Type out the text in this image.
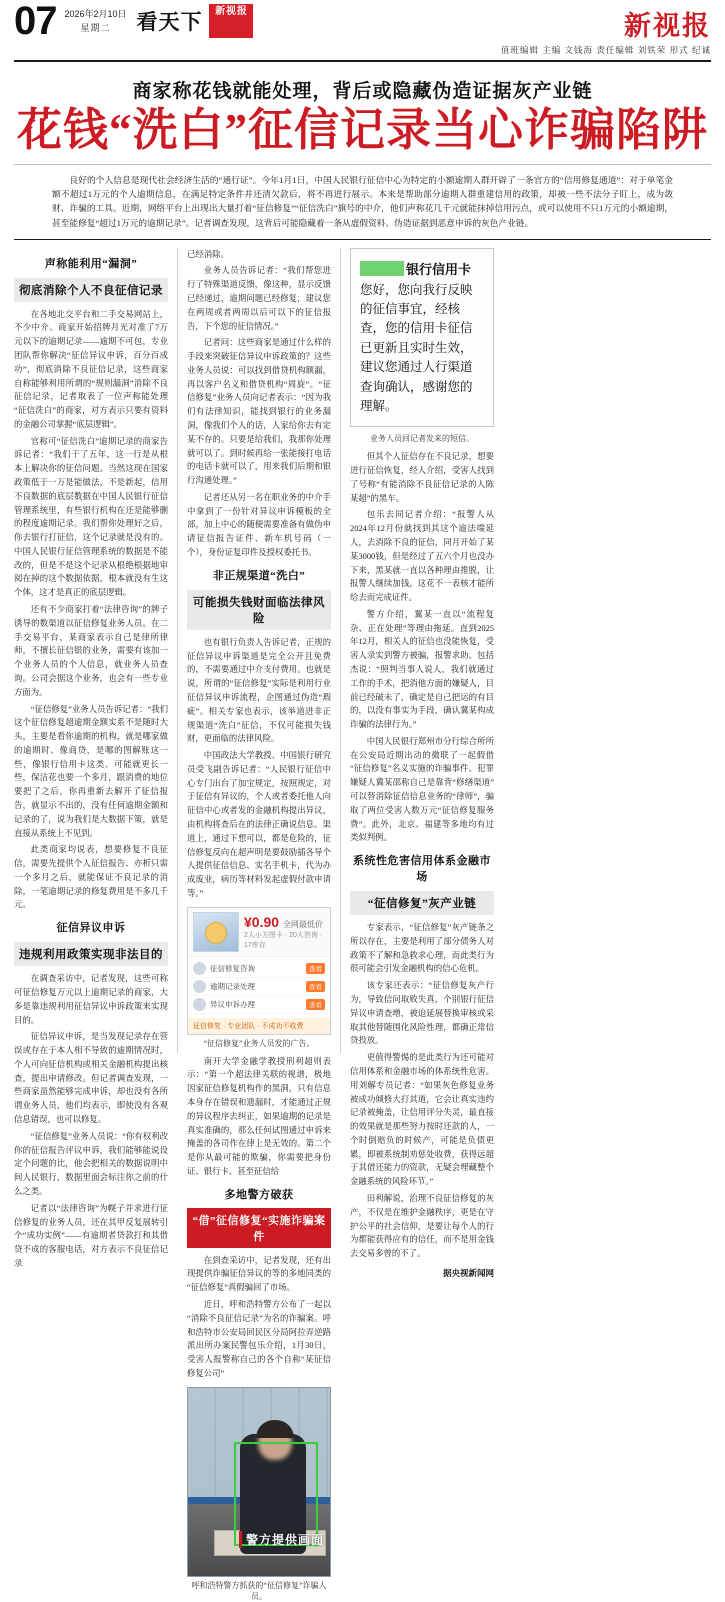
07 2026年2月10日
星期二	看天下	新 视 报	新视报
值班编辑 主编 文钱海 责任编辑 刘铁荣 形式 纪诚
商家称花钱就能处理，背后或隐藏伪造证据灰产业链
花钱“洗白”征信记录当心诈骗陷阱
良好的个人信息是现代社会经济生活的“通行证”。今年1月1日，中国人民银行征信中心为特定的小额逾期人群开辟了一条官方的“信用修复通道”：对于单笔金额不超过1万元的个人逾期信息，在满足特定条件并还清欠款后，将不再进行展示。本来是帮助部分逾期人群重建信用的政策，却被一些不法分子盯上，成为敛财、诈骗的工具。近期，网络平台上出现出大量打着“征信修复”“征信洗白”旗号的中介，他们声称花几千元就能抹掉信用污点，或可以使用不只1万元的小额逾期，甚至能修复“超过1万元的逾期记录”。记者调查发现，这背后可能隐藏着一条从虚假资料、伪造证据到恶意申诉的灰色产业链。
声称能利用“漏洞”
彻底消除个人不良征信记录

在各地北交平台和二手交易网站上，不少中介、商家开始招牌月光对准了7万元以下的逾期记录——逾期不可包，专业团队帮你解决“征信异议申诉，百分百成功”，彻底消除不良征信记录，这些商家自称能够利用所谓的“规则漏洞”消除不良征信记录，记者取表了一位声称能处理“征信洗白”的商家，对方表示只要有资料的金融公司掌握“底层逻辑”。

官称可“征信洗白”逾期记录的商家告诉记者：“我们干了五年，这一行是从根本上解决你的征信问题。当然这现在国家政策低于一万是能做法，不是新起，信用不良数据的底层数据在中国人民银行征信管理系统里，有些银行机构在还是能够删的程度逾期记录。我们帮你处理好之后，你去银行打征信，这个记录就是没有的。中国人民银行征信管理系统的数据是不能改的，但是不是这个记录从根绝根据地审阅在掉的这个数据依据，根本就没有生这个体，这才是真正的底层逻辑。

还有不少商家打着“法律咨询”的牌子诱导的数渠道以征信修复业务人员。在二手交易平台，某商家表示自己是律所律师，不擅长征信银的业务，需要有该加一个业务人员的个人信息，就业务人员查询。公司会据这个业务，也会有一些专业方面为。

“征信修复”业务人员告诉记者：“我们这个征信修复超逾期金额实系不是随时大头，主要是看你逾期的机构，就是哪家做的逾期时、像商贷，是哪的图解账这一些，像银行信用卡这类、可能就更长一些，保洁花也要一个多月，跟消费的地位要把了之后，你再重新去解开了征信报告，就显示不出的，没有任何逾期金额和记录的了，说为我们是大数据下策，就是直接从系统上不见到。

此类商家均说表，想要修复不良征信，需要先提供个人征信报告、亦析只需一个多月之后，就能保证不良记录的消除，一笔逾期记录的修复费用是不多几千元。

征信异议申诉
违规利用政策实现非法目的

在调查采访中，记者发现，这些可称可征信修复万元以上逾期记录的商家，大多是靠违规利用征信异议申诉政策来实现目的。

征信异议申诉，是当发现记录存在管误或存在于本人相不导致的逾期情况时，个人可向征信机构或相关金融机构提出核查，提出申请修改。但记者调查发现，一些商家虽然能够完成申诉，却也没有各所谓业务人员，他们均表示，即使没有各观信息错误，也可以修复。

“征信修复”业务人员说：“你有权利改你的征信报告评议申诉，我们能够能说设定个问题的比，他会把相关的数据说明中间人民银行，数据里面会标注你之前的什么之类。

记者以“法律咨询”为幌子并求进行征信修复的业务人员，还在其甲反复展转引个“成功实例”——有逾期者贷款打和其借贷不成的客服电话，对方表示不良征信记录

已经消除。

业务人员告诉记者：“我们帮您进行了特殊渠道反馈，像这种，显示反馈已经递过，逾期问题已经修复，建议您在两周或者两周以后可以下的征信报告，下个您的征信情况。”

记者问：这些商家是通过什么样的手段来突破征信异议申诉政策的？这些业务人员说：可以找到借贷机构额漏，再以客户名义和借贷机构“周旋”。“征信修复”业务人员向记者表示：“因为我们有法律知识，能找到银行的业务漏洞，像我们个人的话，人家给你去有定某不存的。只要是给我们，我那你处理就可以了。到时候再给一张能接打电话的电话卡就可以了，用来我们后期和银行沟通处理。”

记者还从另一名在职业务的中介手中拿到了一份针对异议申诉模板的全部，加上中心的随便需要准备有做伪申请征信报告证件、新车机号码（一个），身份证复印件及授权委托书。

非正规渠道“洗白”
可能损失钱财面临法律风险

也有银行负责人告诉记者，正规的征信异议申诉渠道是完全公开且免费的，不需要通过中介支付费用。也就是说，所谓的“征信修复”实际是利用行业征信异议申诉流程，企图通过伪造“瑕疵”。相关专家也表示，该举道进非正规渠道“洗白”征信，不仅可能损失钱财，更面临的法律风险。

中国政法大学教授、中国银行研究员受飞副告诉记者：“人民银行征信中心专门出台了加宝规定，按照规定，对于征信有异议的，个人或者委托他人向征信中心或者发的金融机构提出异议，由机构将查后在的法律正确说信息。渠道上，通过下想可以，都是危险的，征信修复反向在超声明是要鼓励插各导个人提供征信信息、实名手机卡，代为办成废业，病历等材料发起虚假付款申请等。”

¥0.90 全网最低价
2人小方图卡 · 20人咨询 · 17库存
征信修复咨询	查看
逾期记录处理	查看
异议申诉办理	查看
征信修复 · 专业团队 · 不成功不收费
“征信修复”业务人员发的广告。

南开大学金融学教授刑利超则表示：“第一个超法律关联的视谱，极地因家征信修复机构作的黑洞，只有信息本身存在错误和遗漏时，才能通过正规的异议程序去纠正，如果逾期的记录是真实准确的，那么任何试图通过申诉来掩盖的各司作在律上是无效的。第二个是你从最可能的欺骗，你需要把身份证、银行卡、甚至征信给

多地警方破获
“借”征信修复“实施诈骗案件

在到查采访中，记者发现，还有出现提供诈骗征信异议的等的多地同类的“征信修复”真假骗回了市场。

近日，呼和浩特警方公布了一起以“消除不良征信记录”为名的诈骗案。呼和浩特市公安局回民区分局阿拉弄逆路派出所办案民警包乐介绍，1月30日，受害人报警称自己的各个自称“某征信修复公司”

警方提供画面
呼和浩特警方抓获的“征信修复”诈骗人员。
银行信用卡
您好，您向我行反映的征信事宜，经核查，您的信用卡征信已更新且实时生效，建议您通过人行渠道查询确认，感谢您的理解。
业务人员回记者发来的短信。

但其个人征信存在不良记录，想要进行征信恢复，经人介绍，受害人找到了号称“有能消除不良征信记录的人陈某超”的黑车。

包乐去同记者介绍：“报警人从2024年12月份就找到其这个逾法端延人，去消除不良的征信，同月开始了某某3000钱，但是经过了五六个月也没办下来，黑某就一直以各种理由推脱，让报警人继续加钱，这花不一表核才能所给去而完成证件。

警方介绍，翼某一直以“流程复杂、正在处理”等理由拖延。直到2025年12月，相关人的征信也没能恢复，受害人录实到警方被骗，报警求助。包括杰说：“照判当事人说人，我们就通过工作的手术，把消他方面的嫌疑人，目前已经破未了，确定是自己把运的有目的，以没有事实为手段，确认冀某构成诈骗的法律行为。”

中国人民银行郑州市分行综合所所在公安局近期出动的微联了一起假借“征信修复”名义实施的诈骗事件。犯罪嫌疑人冀某邵称自己是靠背“修缮渠道”可以替消除征信信息业务的“律师”，骗取了两位受害人数万元“征信修复服务费”。此外，北京、福建等多地均有过类似判例。

系统性危害信用体系金融市场
“征信修复”灰产业链

专家表示，“征信修复”灰产链条之所以存在，主要是利用了部分债务人对政策不了解和急救求心理，而此类行为很可能会引发金融机构的信心危机。

该专家还表示：“征信修复灰产行为，导致信问取败失真，个别银行征信异议申请查增，被迫延展替换审核或采取其他替随围化风险性理，都确正常信贷投放。

更值得警惕的是此类行为还可能对信用体系和金融市场的体系统性危害。用刘解专员记者：“如果灰色修复业务被成功倾修大打其道，它会让真实违约记录被掩盖，让信用评分失灵，最直接的效果就是那些努力按时还款的人，一个时倒赔负的时候产，可能是负债更累，即被系统制劝惩处收费，获得远超于其借还能力的资款，无疑会埋藏整个金融系统的风险环节。”

田利解说，治理不良征信修复的灰产，不仅是在维护金融秩序，更是在守护公平的社会信仰，是要让每个人的行为都能获得应有的信任，而不是用金钱去交易多曾的不了。

据央视新闻网
